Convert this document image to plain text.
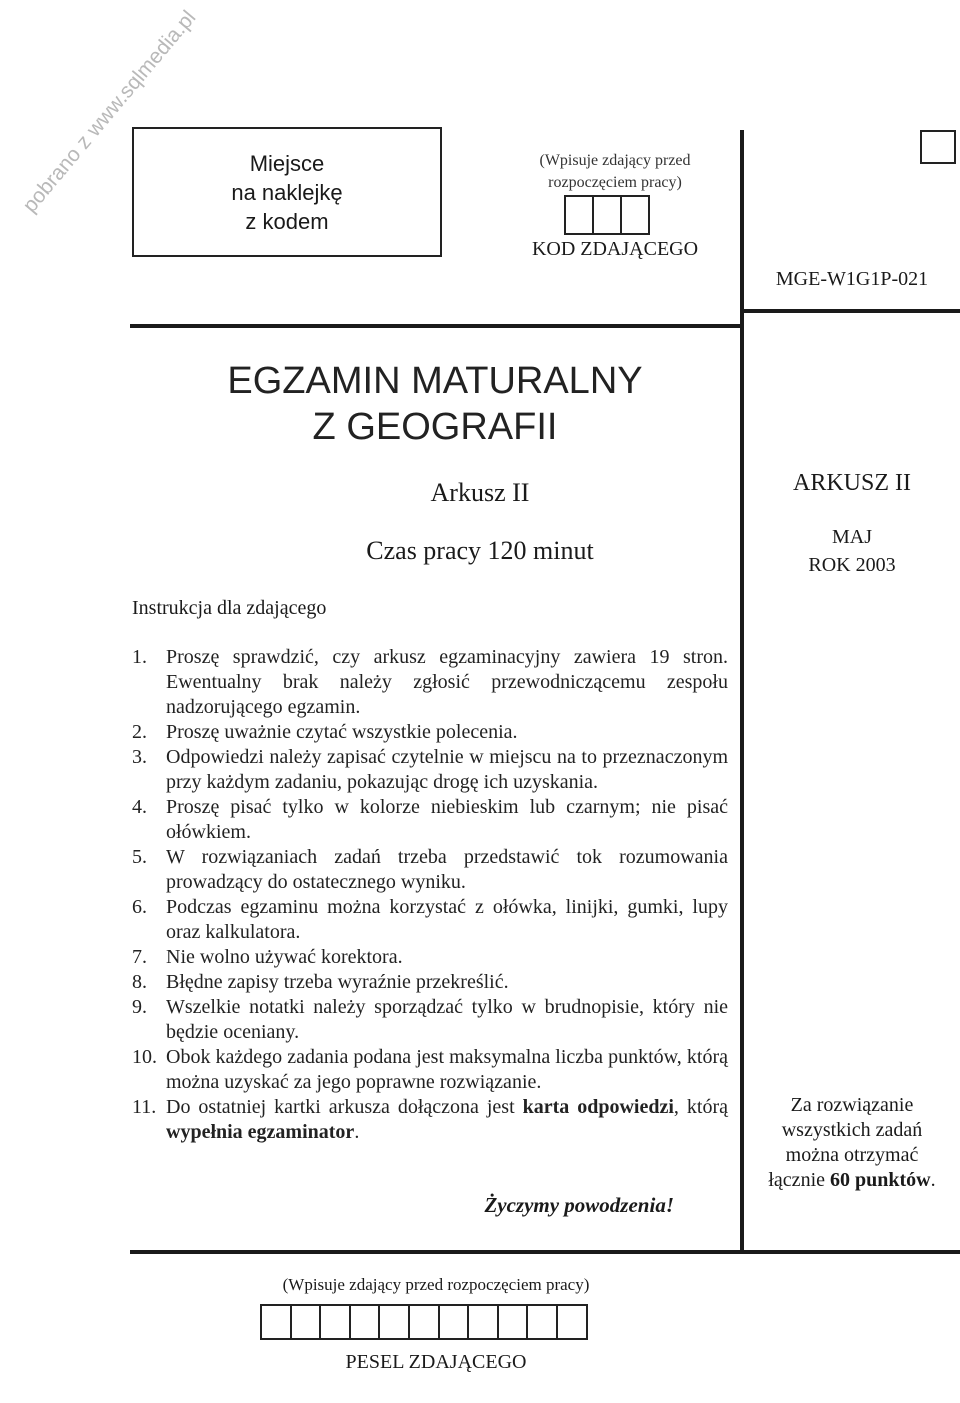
pobrano z www.sqlmedia.pl Miejsce
na naklejkę
z kodem
(Wpisuje zdający przed
rozpoczęciem pracy)
KOD ZDAJĄCEGO
MGE-W1G1P-021
EGZAMIN MATURALNY
Z GEOGRAFII
Arkusz II
Czas pracy 120 minut
ARKUSZ II
MAJ
ROK 2003
Instrukcja dla zdającego
1. Proszę sprawdzić, czy arkusz egzaminacyjny zawiera 19 stron. Ewentualny brak należy zgłosić przewodniczącemu zespołu nadzorującego egzamin.
2. Proszę uważnie czytać wszystkie polecenia.
3. Odpowiedzi należy zapisać czytelnie w miejscu na to przeznaczonym przy każdym zadaniu, pokazując drogę ich uzyskania.
4. Proszę pisać tylko w kolorze niebieskim lub czarnym; nie pisać ołówkiem.
5. W rozwiązaniach zadań trzeba przedstawić tok rozumowania prowadzący do ostatecznego wyniku.
6. Podczas egzaminu można korzystać z ołówka, linijki, gumki, lupy oraz kalkulatora.
7. Nie wolno używać korektora.
8. Błędne zapisy trzeba wyraźnie przekreślić.
9. Wszelkie notatki należy sporządzać tylko w brudnopisie, który nie będzie oceniany.
10. Obok każdego zadania podana jest maksymalna liczba punktów, którą można uzyskać za jego poprawne rozwiązanie.
11. Do ostatniej kartki arkusza dołączona jest karta odpowiedzi, którą wypełnia egzaminator.
Życzymy powodzenia!
Za rozwiązanie
wszystkich zadań
można otrzymać
łącznie 60 punktów.
(Wpisuje zdający przed rozpoczęciem pracy)
PESEL ZDAJĄCEGO
